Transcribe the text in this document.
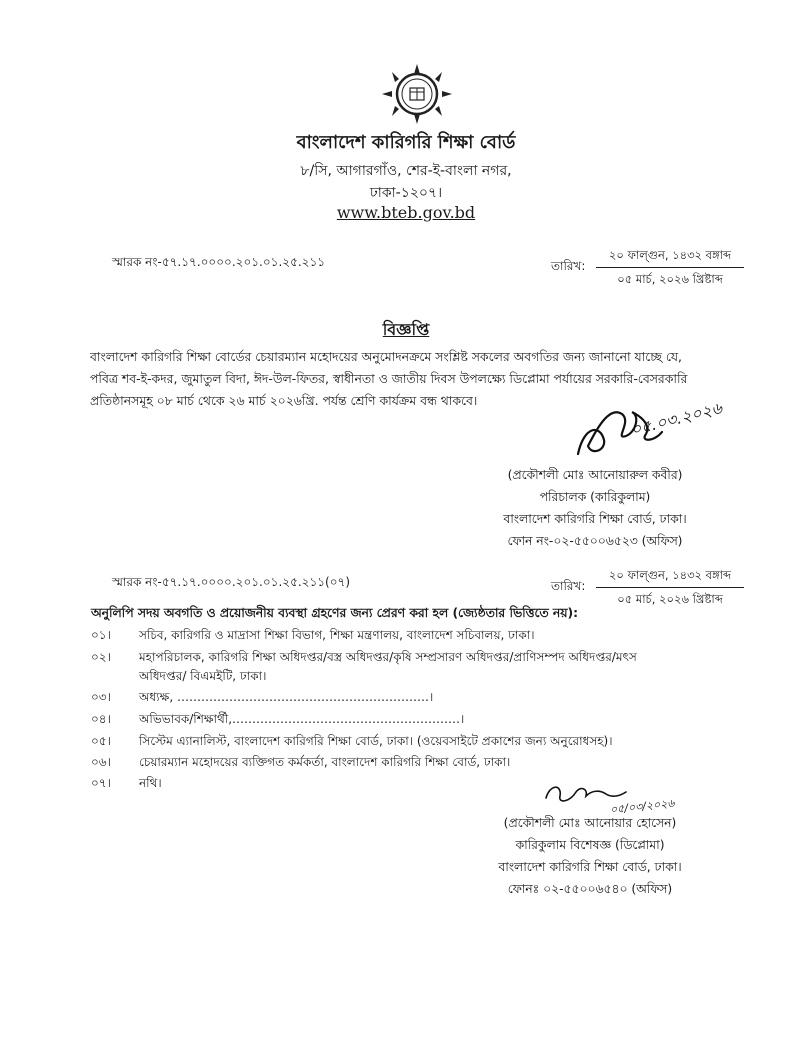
বাংলাদেশ কারিগরি শিক্ষা বোর্ড
৮/সি, আগারগাঁও, শের-ই-বাংলা নগর,
ঢাকা-১২০৭।
www.bteb.gov.bd
স্মারক নং-৫৭.১৭.০০০০.২০১.০১.২৫.২১১	তারিখ:
২০ ফাল্গুন, ১৪৩২ বঙ্গাব্দ
০৫ মার্চ, ২০২৬ খ্রিষ্টাব্দ
বিজ্ঞপ্তি
বাংলাদেশ কারিগরি শিক্ষা বোর্ডের চেয়ারম্যান মহোদয়ের অনুমোদনক্রমে সংশ্লিষ্ট সকলের অবগতির জন্য জানানো যাচ্ছে যে,
পবিত্র শব-ই-কদর, জুমাতুল বিদা, ঈদ-উল-ফিতর, স্বাধীনতা ও জাতীয় দিবস উপলক্ষ্যে ডিপ্লোমা পর্যায়ের সরকারি-বেসরকারি
প্রতিষ্ঠানসমূহ ০৮ মার্চ থেকে ২৬ মার্চ ২০২৬খ্রি. পর্যন্ত শ্রেণি কার্যক্রম বন্ধ থাকবে।	০৫.০৩.২০২৬
(প্রকৌশলী মোঃ আনোয়ারুল কবীর)
পরিচালক (কারিকুলাম)
বাংলাদেশ কারিগরি শিক্ষা বোর্ড, ঢাকা।
ফোন নং-০২-৫৫০০৬৫২৩ (অফিস)
স্মারক নং-৫৭.১৭.০০০০.২০১.০১.২৫.২১১(০৭)	তারিখ:
২০ ফাল্গুন, ১৪৩২ বঙ্গাব্দ
০৫ মার্চ, ২০২৬ খ্রিষ্টাব্দ
অনুলিপি সদয় অবগতি ও প্রয়োজনীয় ব্যবস্থা গ্রহণের জন্য প্রেরণ করা হল (জ্যেষ্ঠতার ভিত্তিতে নয়):
০১। সচিব, কারিগরি ও মাদ্রাসা শিক্ষা বিভাগ, শিক্ষা মন্ত্রণালয়, বাংলাদেশ সচিবালয়, ঢাকা।
০২। মহাপরিচালক, কারিগরি শিক্ষা অধিদপ্তর/বস্ত্র অধিদপ্তর/কৃষি সম্প্রসারণ অধিদপ্তর/প্রাণিসম্পদ অধিদপ্তর/মৎস
অধিদপ্তর/ বিএমইটি, ঢাকা।
০৩। অধ্যক্ষ, ………………………………………………………।
০৪। অভিভাবক/শিক্ষার্থী,…………………………………………………।
০৫। সিস্টেম এ্যানালিস্ট, বাংলাদেশ কারিগরি শিক্ষা বোর্ড, ঢাকা। (ওয়েবসাইটে প্রকাশের জন্য অনুরোধসহ)।
০৬। চেয়ারম্যান মহোদয়ের ব্যক্তিগত কর্মকর্তা, বাংলাদেশ কারিগরি শিক্ষা বোর্ড, ঢাকা।
০৭। নথি।
০৫/০৩/২০২৬
(প্রকৌশলী মোঃ আনোয়ার হোসেন)
কারিকুলাম বিশেষজ্ঞ (ডিপ্লোমা)
বাংলাদেশ কারিগরি শিক্ষা বোর্ড, ঢাকা।
ফোনঃ ০২-৫৫০০৬৫৪০ (অফিস)
